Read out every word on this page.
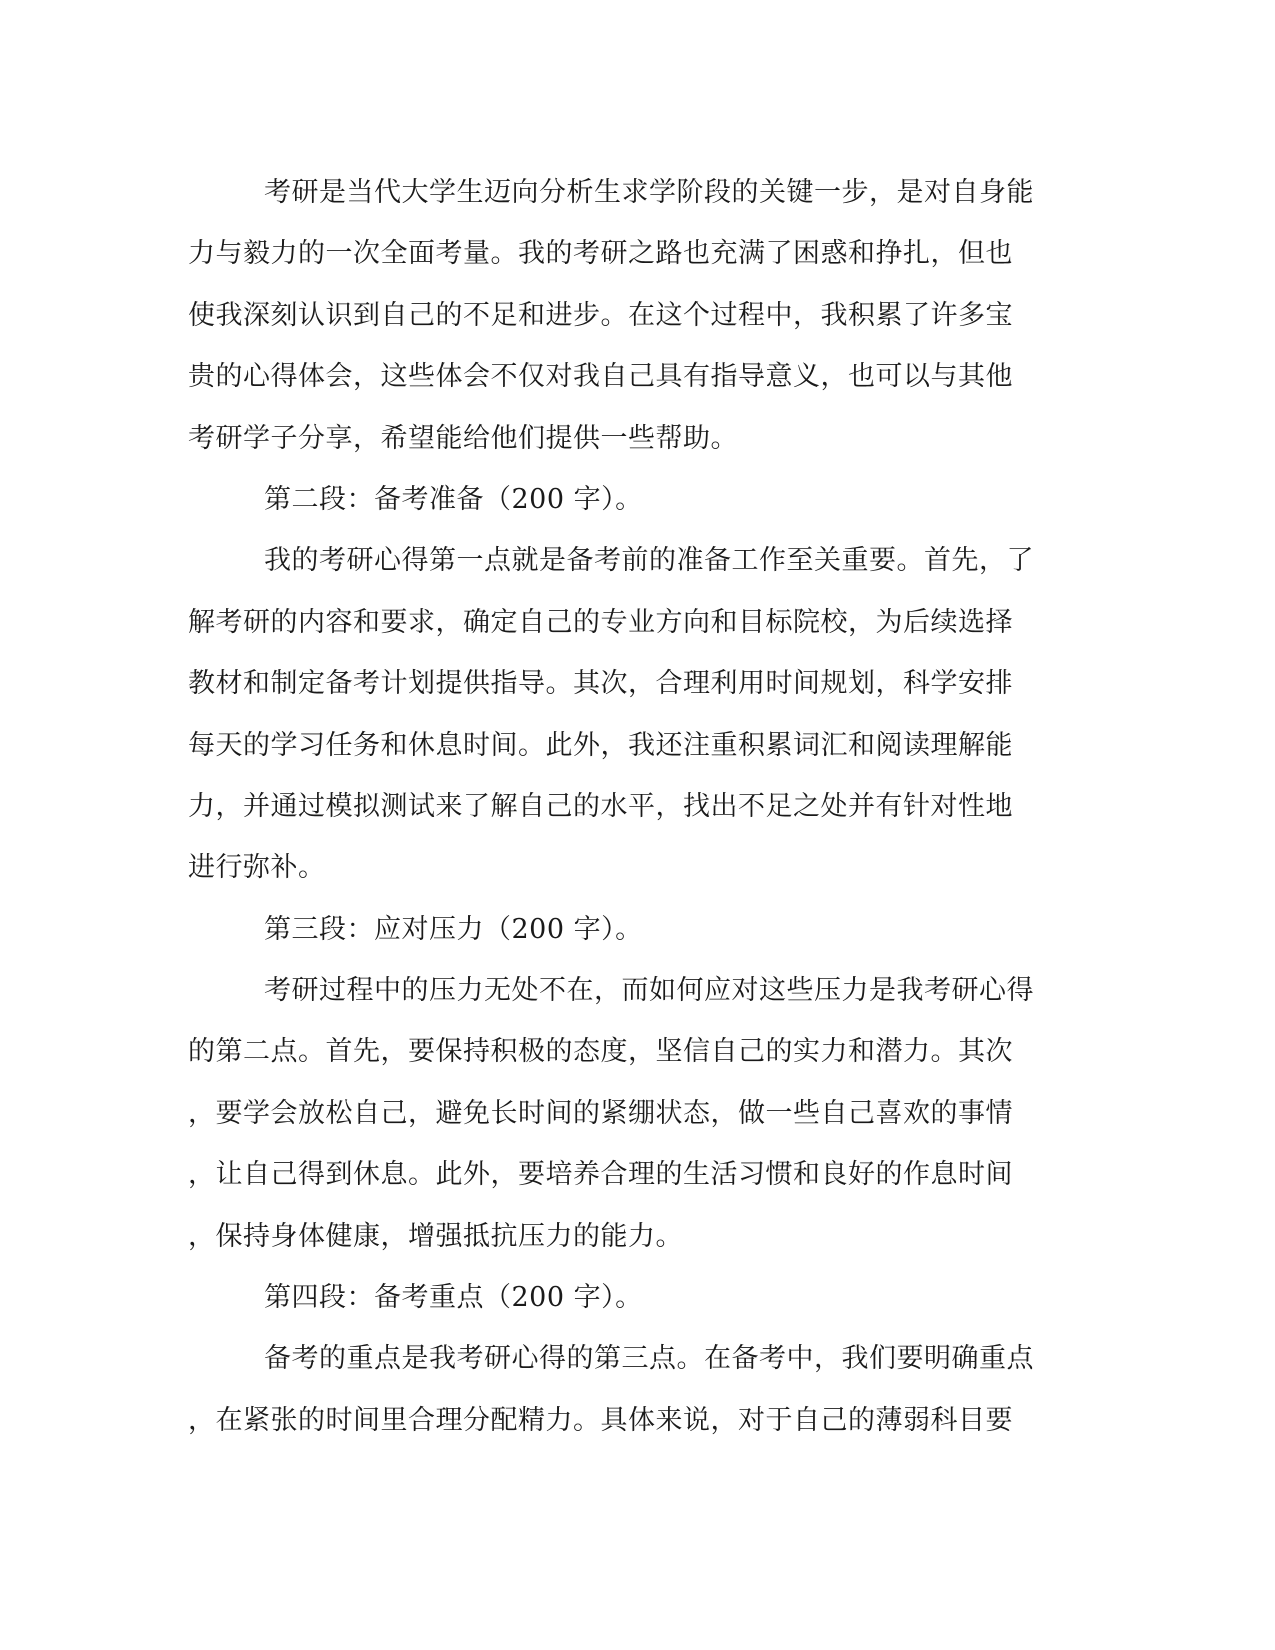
考研是当代大学生迈向分析生求学阶段的关键一步，是对自身能
力与毅力的一次全面考量。我的考研之路也充满了困惑和挣扎，但也
使我深刻认识到自己的不足和进步。在这个过程中，我积累了许多宝
贵的心得体会，这些体会不仅对我自己具有指导意义，也可以与其他
考研学子分享，希望能给他们提供一些帮助。
第二段：备考准备（200 字）。
我的考研心得第一点就是备考前的准备工作至关重要。首先，了
解考研的内容和要求，确定自己的专业方向和目标院校，为后续选择
教材和制定备考计划提供指导。其次，合理利用时间规划，科学安排
每天的学习任务和休息时间。此外，我还注重积累词汇和阅读理解能
力，并通过模拟测试来了解自己的水平，找出不足之处并有针对性地
进行弥补。
第三段：应对压力（200 字）。
考研过程中的压力无处不在，而如何应对这些压力是我考研心得
的第二点。首先，要保持积极的态度，坚信自己的实力和潜力。其次
，要学会放松自己，避免长时间的紧绷状态，做一些自己喜欢的事情
，让自己得到休息。此外，要培养合理的生活习惯和良好的作息时间
，保持身体健康，增强抵抗压力的能力。
第四段：备考重点（200 字）。
备考的重点是我考研心得的第三点。在备考中，我们要明确重点
，在紧张的时间里合理分配精力。具体来说，对于自己的薄弱科目要
